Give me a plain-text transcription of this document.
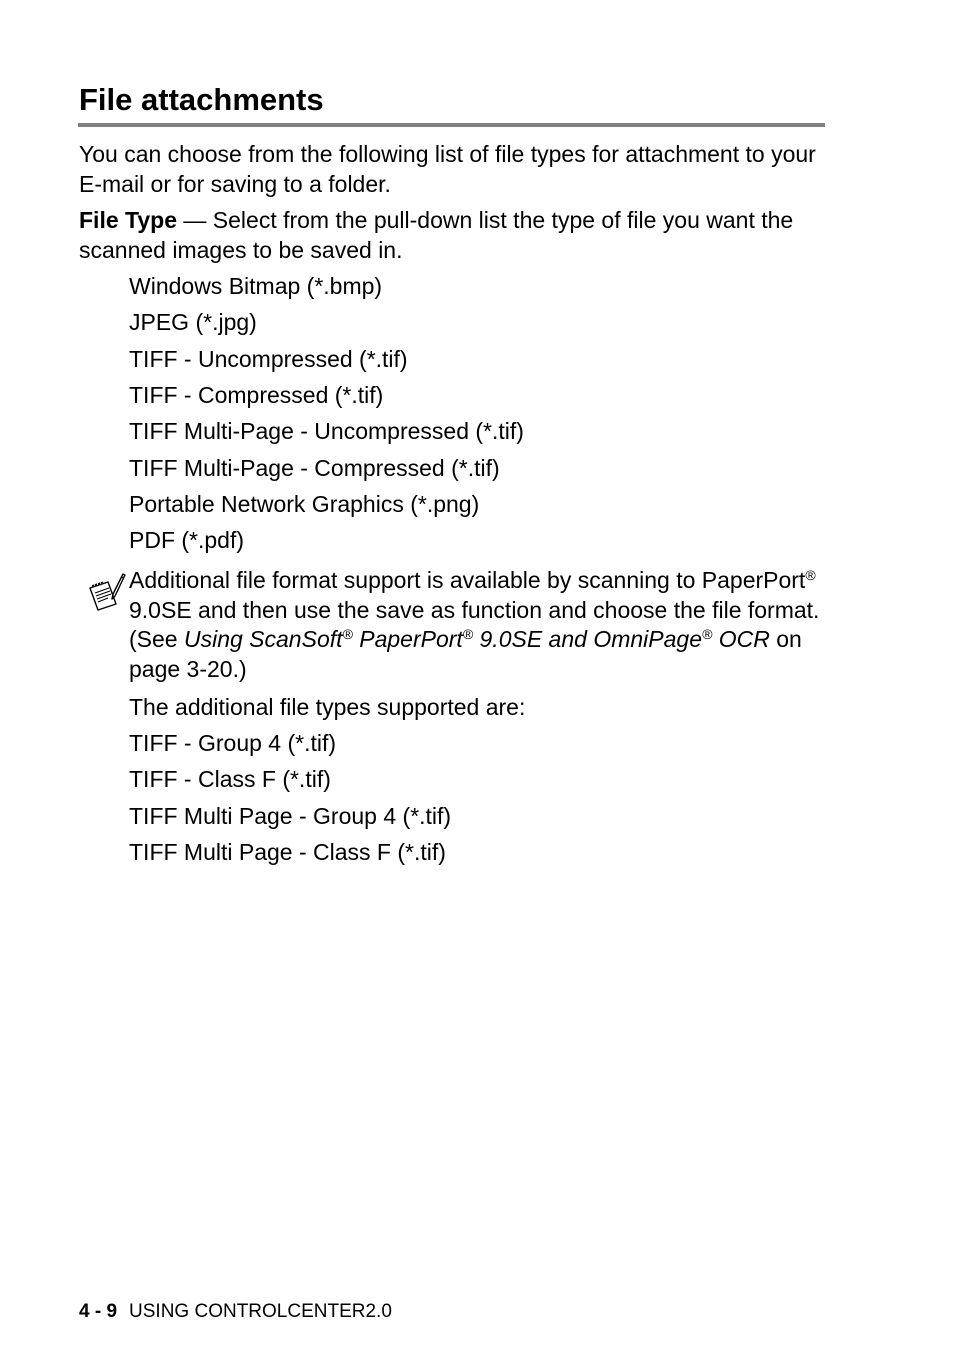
File attachments

You can choose from the following list of file types for attachment to your E-mail or for saving to a folder.

File Type — Select from the pull-down list the type of file you want the scanned images to be saved in.

Windows Bitmap (*.bmp)
JPEG (*.jpg)
TIFF - Uncompressed (*.tif)
TIFF - Compressed (*.tif)
TIFF Multi-Page - Uncompressed (*.tif)
TIFF Multi-Page - Compressed (*.tif)
Portable Network Graphics (*.png)
PDF (*.pdf)

Additional file format support is available by scanning to PaperPort® 9.0SE and then use the save as function and choose the file format. (See Using ScanSoft® PaperPort® 9.0SE and OmniPage® OCR on page 3-20.)

The additional file types supported are:
TIFF - Group 4 (*.tif)
TIFF - Class F (*.tif)
TIFF Multi Page - Group 4 (*.tif)
TIFF Multi Page - Class F (*.tif)
4 - 9 USING CONTROLCENTER2.0
